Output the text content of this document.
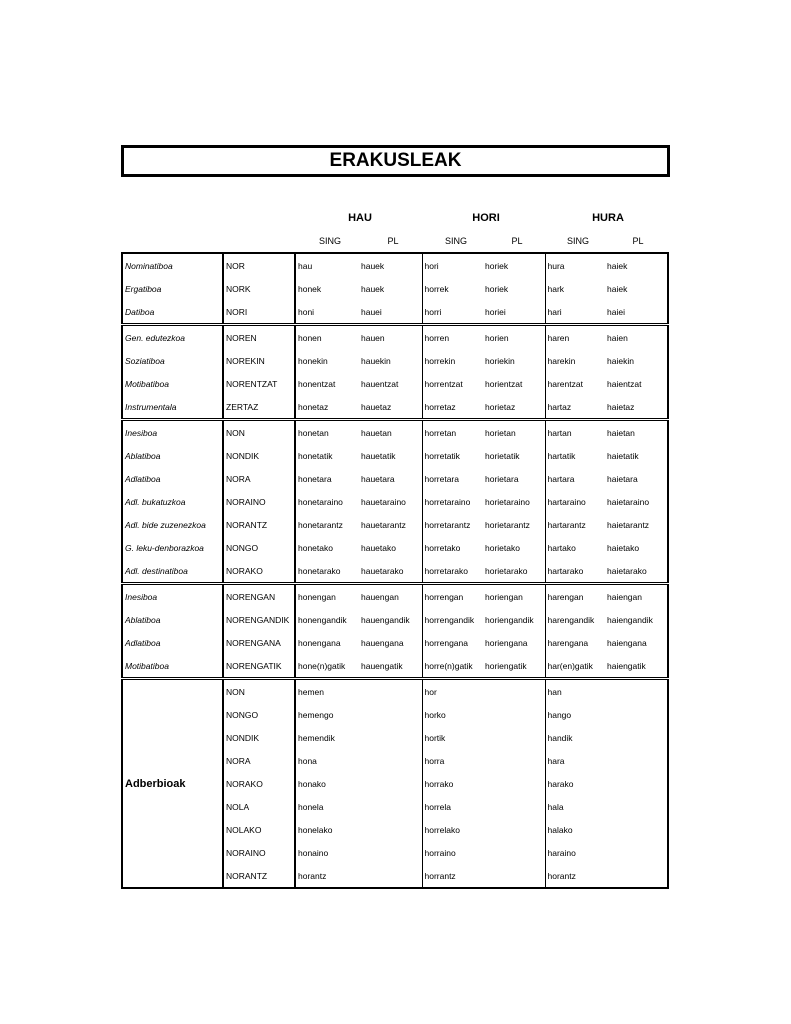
ERAKUSLEAK
HAU	HORI	HURA
SING	PL	SING	PL	SING	PL
Nominatiboa	NOR	hau	hauek	hori	horiek	hura	haiek
Ergatiboa	NORK	honek	hauek	horrek	horiek	hark	haiek
Datiboa	NORI	honi	hauei	horri	horiei	hari	haiei
Gen. edutezkoa	NOREN	honen	hauen	horren	horien	haren	haien
Soziatiboa	NOREKIN	honekin	hauekin	horrekin	horiekin	harekin	haiekin
Motibatiboa	NORENTZAT	honentzat	hauentzat	horrentzat	horientzat	harentzat	haientzat
Instrumentala	ZERTAZ	honetaz	hauetaz	horretaz	horietaz	hartaz	haietaz
Inesiboa	NON	honetan	hauetan	horretan	horietan	hartan	haietan
Ablatiboa	NONDIK	honetatik	hauetatik	horretatik	horietatik	hartatik	haietatik
Adlatiboa	NORA	honetara	hauetara	horretara	horietara	hartara	haietara
Adl. bukatuzkoa	NORAINO	honetaraino	hauetaraino	horretaraino	horietaraino	hartaraino	haietaraino
Adl. bide zuzenezkoa	NORANTZ	honetarantz	hauetarantz	horretarantz	horietarantz	hartarantz	haietarantz
G. leku-denborazkoa	NONGO	honetako	hauetako	horretako	horietako	hartako	haietako
Adl. destinatiboa	NORAKO	honetarako	hauetarako	horretarako	horietarako	hartarako	haietarako
Inesiboa	NORENGAN	honengan	hauengan	horrengan	horiengan	harengan	haiengan
Ablatiboa	NORENGANDIK	honengandik	hauengandik	horrengandik	horiengandik	harengandik	haiengandik
Adlatiboa	NORENGANA	honengana	hauengana	horrengana	horiengana	harengana	haiengana
Motibatiboa	NORENGATIK	hone(n)gatik	hauengatik	horre(n)gatik	horiengatik	har(en)gatik	haiengatik
Adberbioak	NON	hemen		hor		han	
	NONGO	hemengo		horko		hango	
	NONDIK	hemendik		hortik		handik	
	NORA	hona		horra		hara	
	NORAKO	honako		horrako		harako	
	NOLA	honela		horrela		hala	
	NOLAKO	honelako		horrelako		halako	
	NORAINO	honaino		horraino		haraino	
	NORANTZ	horantz		horrantz		horantz	
